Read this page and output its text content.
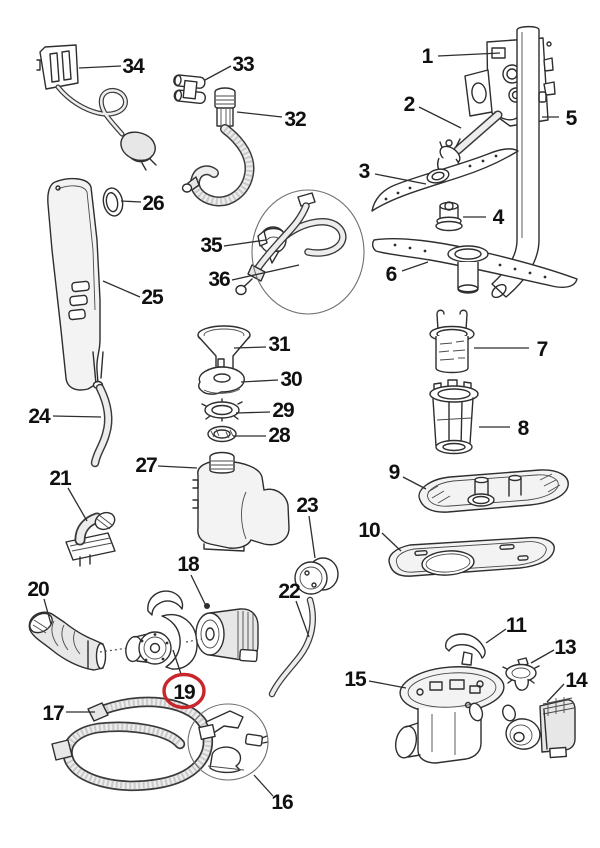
1
2
3
4
5
6
7
8
9
10
11
13
14
15
16
17
18
19
20
21
22
23
24
25
26
27
28
29
30
31
32
33
34
35
36
